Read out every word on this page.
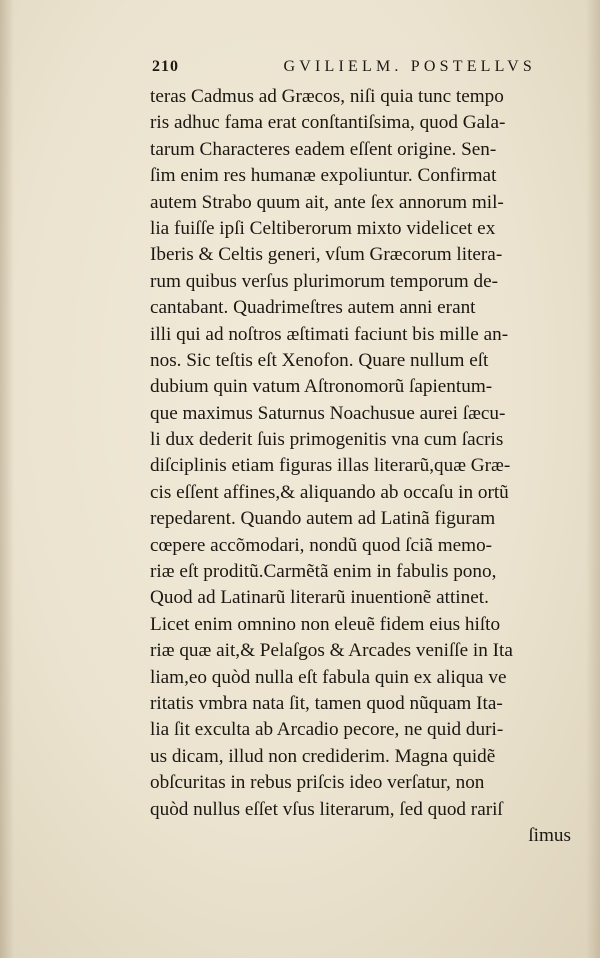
210	GVILIELM. POSTELLVS
teras Cadmus ad Græcos, niſi quia tunc tempo
ris adhuc fama erat conſtantiſsima, quod Gala-
tarum Characteres eadem eſſent origine. Sen-
ſim enim res humanæ expoliuntur. Confirmat
autem Strabo quum ait, ante ſex annorum mil-
lia fuiſſe ipſi Celtiberorum mixto videlicet ex
Iberis & Celtis generi, vſum Græcorum litera-
rum quibus verſus plurimorum temporum de-
cantabant. Quadrimeſtres autem anni erant
illi qui ad noſtros æſtimati faciunt bis mille an-
nos. Sic teſtis eſt Xenofon. Quare nullum eſt
dubium quin vatum Aſtronomorũ ſapientum-
que maximus Saturnus Noachusue aurei ſæcu-
li dux dederit ſuis primogenitis vna cum ſacris
diſciplinis etiam figuras illas literarũ,quæ Græ-
cis eſſent affines,& aliquando ab occaſu in ortũ
repedarent. Quando autem ad Latinã figuram
cœpere accõmodari, nondũ quod ſciã memo-
riæ eſt proditũ.Carmẽtã enim in fabulis pono,
Quod ad Latinarũ literarũ inuentionẽ attinet.
Licet enim omnino non eleuẽ fidem eius hiſto
riæ quæ ait,& Pelaſgos & Arcades veniſſe in Ita
liam,eo quòd nulla eſt fabula quin ex aliqua ve
ritatis vmbra nata ſit, tamen quod nũquam Ita-
lia ſit exculta ab Arcadio pecore, ne quid duri-
us dicam, illud non crediderim. Magna quidẽ
obſcuritas in rebus priſcis ideo verſatur, non
quòd nullus eſſet vſus literarum, ſed quod rariſ
ſimus
